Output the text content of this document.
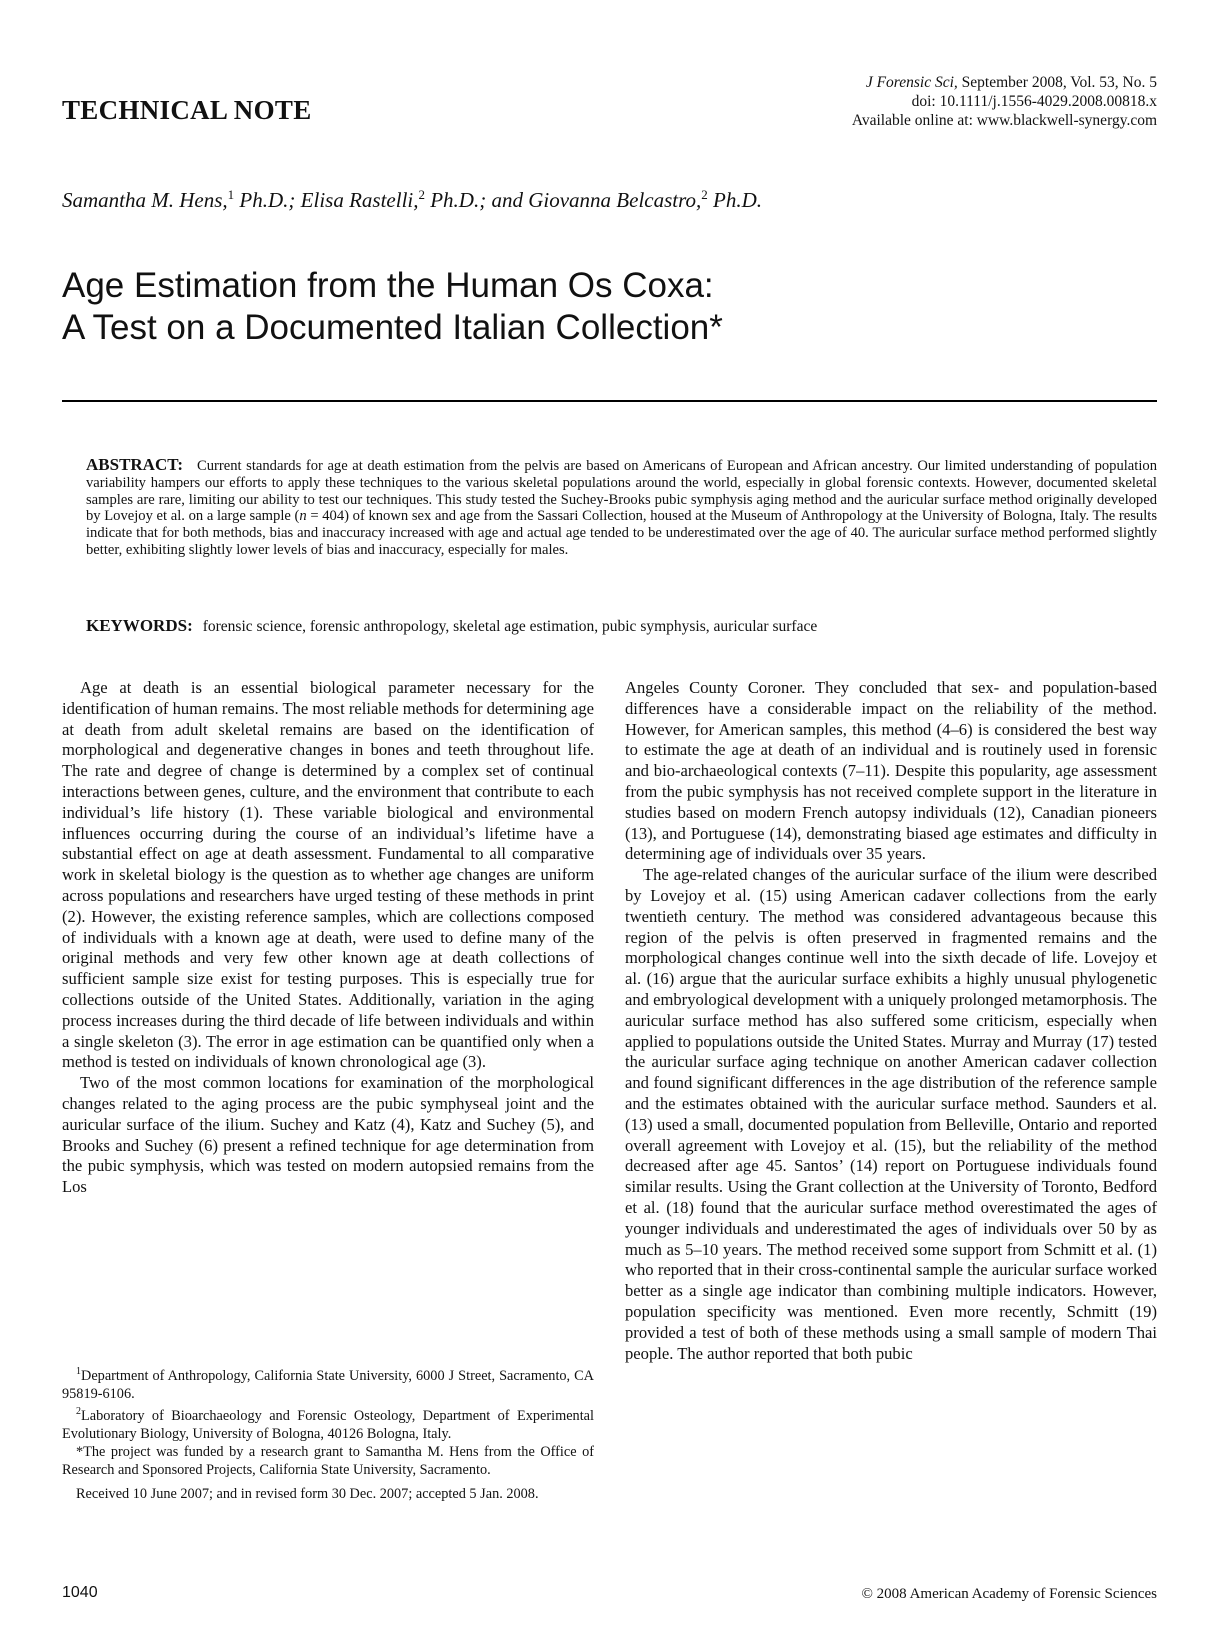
TECHNICAL NOTE
J Forensic Sci, September 2008, Vol. 53, No. 5
doi: 10.1111/j.1556-4029.2008.00818.x
Available online at: www.blackwell-synergy.com
Samantha M. Hens,$^1$ Ph.D.; Elisa Rastelli,$^2$ Ph.D.; and Giovanna Belcastro,$^2$ Ph.D.
Age Estimation from the Human Os Coxa:
A Test on a Documented Italian Collection*
ABSTRACT: Current standards for age at death estimation from the pelvis are based on Americans of European and African ancestry. Our limited understanding of population variability hampers our efforts to apply these techniques to the various skeletal populations around the world, especially in global forensic contexts. However, documented skeletal samples are rare, limiting our ability to test our techniques. This study tested the Suchey-Brooks pubic symphysis aging method and the auricular surface method originally developed by Lovejoy et al. on a large sample (n = 404) of known sex and age from the Sassari Collection, housed at the Museum of Anthropology at the University of Bologna, Italy. The results indicate that for both methods, bias and inaccuracy increased with age and actual age tended to be underestimated over the age of 40. The auricular surface method performed slightly better, exhibiting slightly lower levels of bias and inaccuracy, especially for males.
KEYWORDS: forensic science, forensic anthropology, skeletal age estimation, pubic symphysis, auricular surface

Age at death is an essential biological parameter necessary for the identification of human remains. The most reliable methods for determining age at death from adult skeletal remains are based on the identification of morphological and degenerative changes in bones and teeth throughout life. The rate and degree of change is determined by a complex set of continual interactions between genes, culture, and the environment that contribute to each individual’s life history (1). These variable biological and environmental influences occurring during the course of an individual’s lifetime have a substantial effect on age at death assessment. Fundamental to all comparative work in skeletal biology is the question as to whether age changes are uniform across populations and researchers have urged testing of these methods in print (2). However, the existing reference samples, which are collections composed of individuals with a known age at death, were used to define many of the original methods and very few other known age at death collections of sufficient sample size exist for testing purposes. This is especially true for collections outside of the United States. Additionally, variation in the aging process increases during the third decade of life between individuals and within a single skeleton (3). The error in age estimation can be quantified only when a method is tested on individuals of known chronological age (3).

Two of the most common locations for examination of the morphological changes related to the aging process are the pubic symphyseal joint and the auricular surface of the ilium. Suchey and Katz (4), Katz and Suchey (5), and Brooks and Suchey (6) present a refined technique for age determination from the pubic symphysis, which was tested on modern autopsied remains from the Los

Angeles County Coroner. They concluded that sex- and population-based differences have a considerable impact on the reliability of the method. However, for American samples, this method (4–6) is considered the best way to estimate the age at death of an individual and is routinely used in forensic and bio-archaeological contexts (7–11). Despite this popularity, age assessment from the pubic symphysis has not received complete support in the literature in studies based on modern French autopsy individuals (12), Canadian pioneers (13), and Portuguese (14), demonstrating biased age estimates and difficulty in determining age of individuals over 35 years.

The age-related changes of the auricular surface of the ilium were described by Lovejoy et al. (15) using American cadaver collections from the early twentieth century. The method was considered advantageous because this region of the pelvis is often preserved in fragmented remains and the morphological changes continue well into the sixth decade of life. Lovejoy et al. (16) argue that the auricular surface exhibits a highly unusual phylogenetic and embryological development with a uniquely prolonged metamorphosis. The auricular surface method has also suffered some criticism, especially when applied to populations outside the United States. Murray and Murray (17) tested the auricular surface aging technique on another American cadaver collection and found significant differences in the age distribution of the reference sample and the estimates obtained with the auricular surface method. Saunders et al. (13) used a small, documented population from Belleville, Ontario and reported overall agreement with Lovejoy et al. (15), but the reliability of the method decreased after age 45. Santos’ (14) report on Portuguese individuals found similar results. Using the Grant collection at the University of Toronto, Bedford et al. (18) found that the auricular surface method overestimated the ages of younger individuals and underestimated the ages of individuals over 50 by as much as 5–10 years. The method received some support from Schmitt et al. (1) who reported that in their cross-continental sample the auricular surface worked better as a single age indicator than combining multiple indicators. However, population specificity was mentioned. Even more recently, Schmitt (19) provided a test of both of these methods using a small sample of modern Thai people. The author reported that both pubic

$^1$Department of Anthropology, California State University, 6000 J Street, Sacramento, CA 95819-6106.

$^2$Laboratory of Bioarchaeology and Forensic Osteology, Department of Experimental Evolutionary Biology, University of Bologna, 40126 Bologna, Italy.

*The project was funded by a research grant to Samantha M. Hens from the Office of Research and Sponsored Projects, California State University, Sacramento.

Received 10 June 2007; and in revised form 30 Dec. 2007; accepted 5 Jan. 2008.

1040	© 2008 American Academy of Forensic Sciences
